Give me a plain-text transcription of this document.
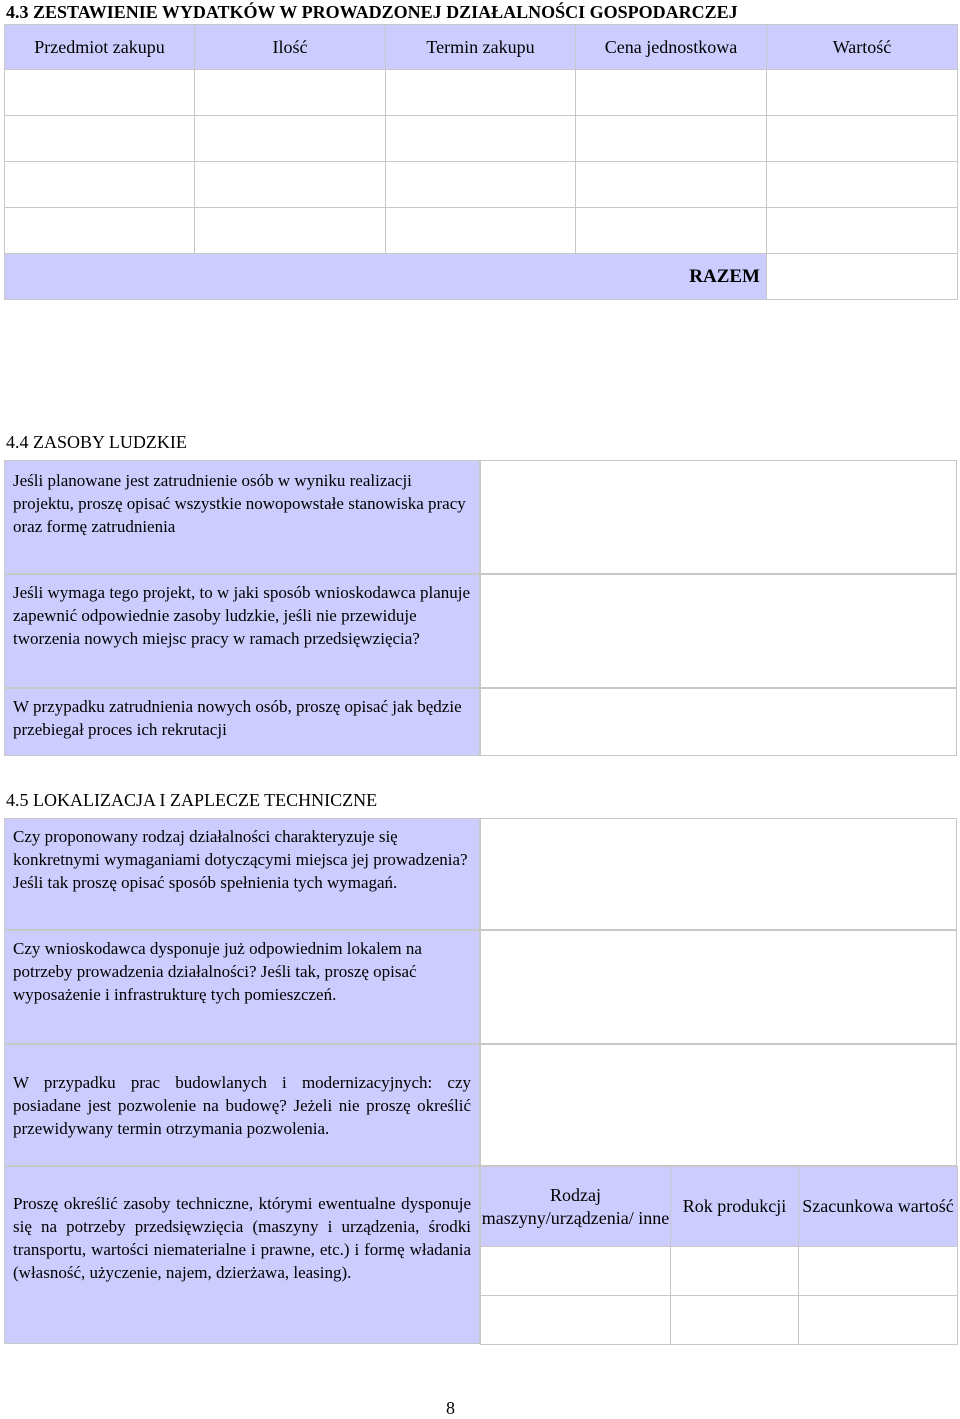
4.3 ZESTAWIENIE WYDATKÓW W PROWADZONEJ DZIAŁALNOŚCI GOSPODARCZEJ
Przedmiot zakupu	Ilość	Termin zakupu	Cena jednostkowa	Wartość

RAZEM				
4.4 ZASOBY LUDZKIE
Jeśli planowane jest zatrudnienie osób w wyniku realizacji projektu, proszę opisać wszystkie nowopowstałe stanowiska pracy oraz formę zatrudnienia
Jeśli wymaga tego projekt, to w jaki sposób wnioskodawca planuje zapewnić odpowiednie zasoby ludzkie, jeśli nie przewiduje tworzenia nowych miejsc pracy w ramach przedsięwzięcia?
W przypadku zatrudnienia nowych osób, proszę opisać jak będzie przebiegał proces ich rekrutacji
4.5 LOKALIZACJA I ZAPLECZE TECHNICZNE
Czy proponowany rodzaj działalności charakteryzuje się konkretnymi wymaganiami dotyczącymi miejsca jej prowadzenia? Jeśli tak proszę opisać sposób spełnienia tych wymagań.
Czy wnioskodawca dysponuje już odpowiednim lokalem na potrzeby prowadzenia działalności? Jeśli tak, proszę opisać wyposażenie i infrastrukturę tych pomieszczeń.
W przypadku prac budowlanych i modernizacyjnych: czy posiadane jest pozwolenie na budowę? Jeżeli nie proszę określić przewidywany termin otrzymania pozwolenia.
Proszę określić zasoby techniczne, którymi ewentualne dysponuje się na potrzeby przedsięwzięcia (maszyny i urządzenia, środki transportu, wartości niematerialne i prawne, etc.) i formę władania (własność, użyczenie, najem, dzierżawa, leasing).
Rodzaj maszyny/urządzenia/ inne	Rok produkcji	Szacunkowa wartość

8
